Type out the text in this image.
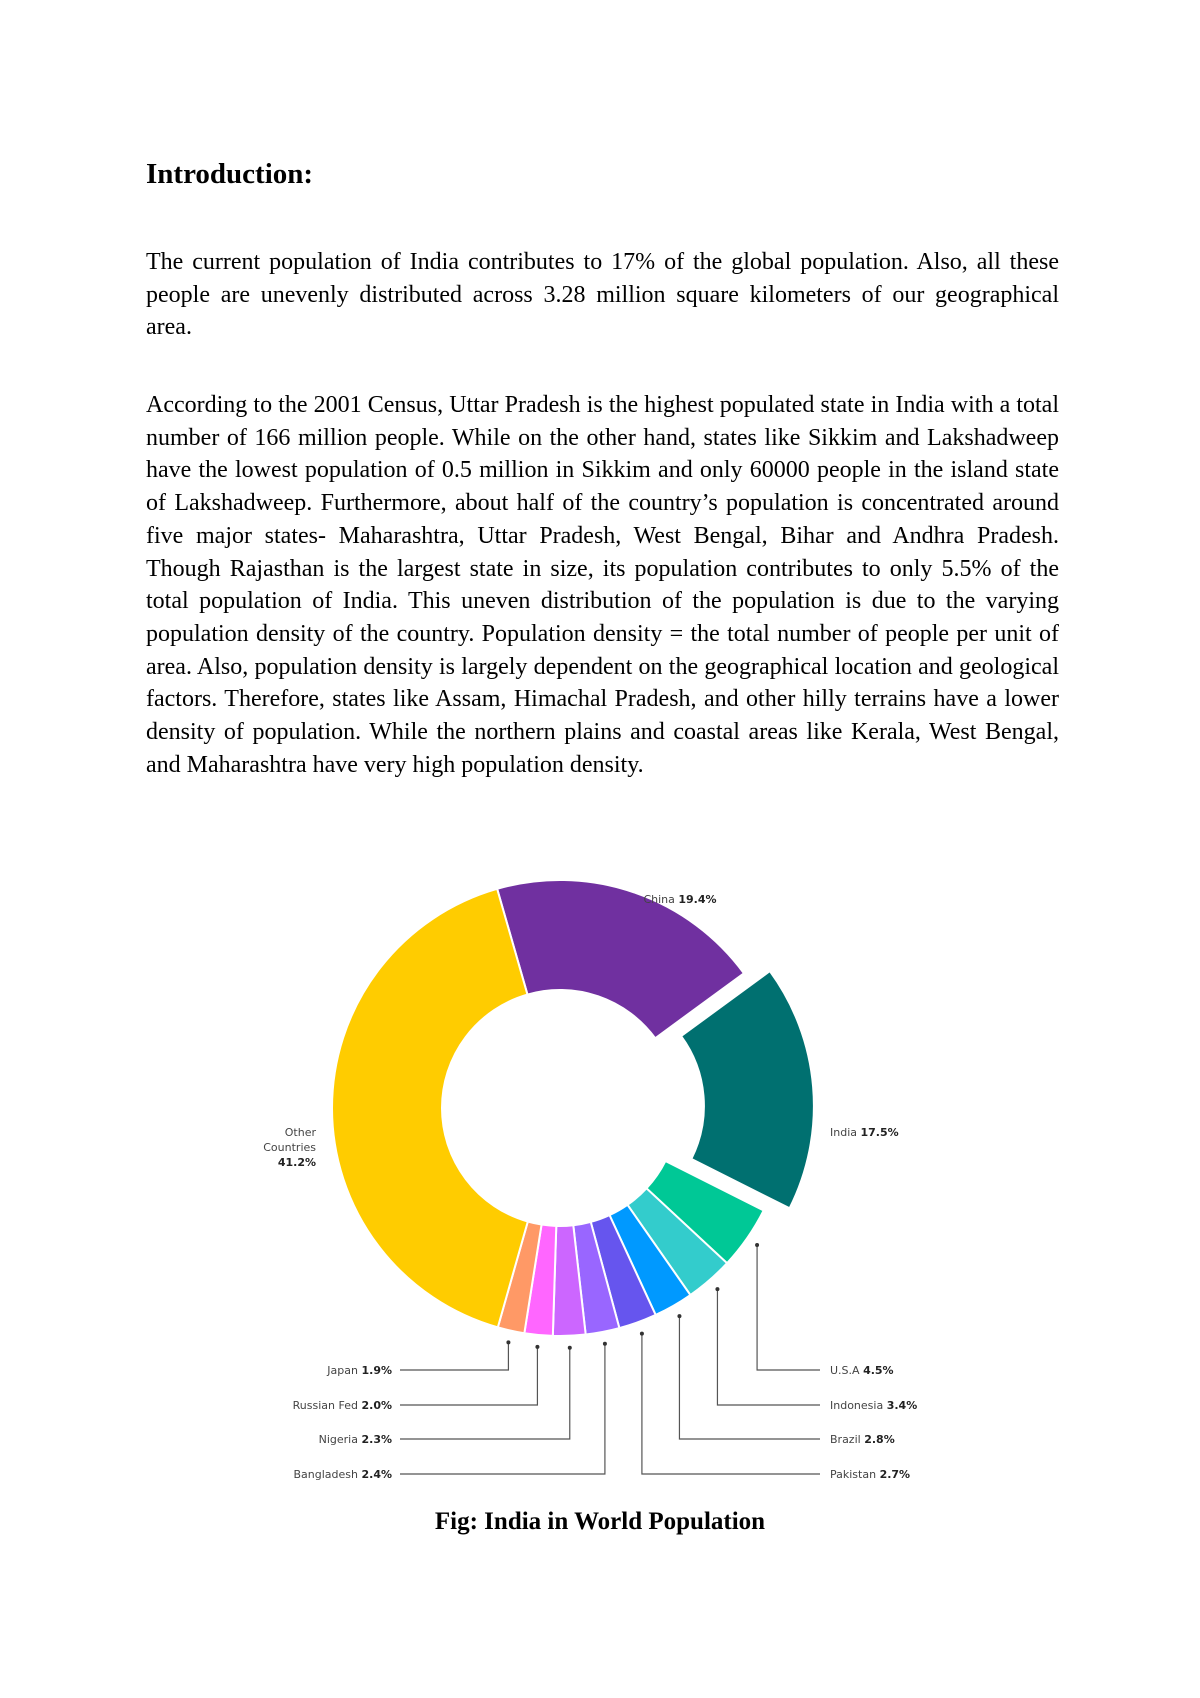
Introduction:

The current population of India contributes to 17% of the global population. Also, all these people are unevenly distributed across 3.28 million square kilometers of our geographical area.

According to the 2001 Census, Uttar Pradesh is the highest populated state in India with a total number of 166 million people. While on the other hand, states like Sikkim and Lakshadweep have the lowest population of 0.5 million in Sikkim and only 60000 people in the island state of Lakshadweep. Furthermore, about half of the country’s population is concentrated around five major states- Maharashtra, Uttar Pradesh, West Bengal, Bihar and Andhra Pradesh. Though Rajasthan is the largest state in size, its population contributes to only 5.5% of the total population of India. This uneven distribution of the population is due to the varying population density of the country. Population density = the total number of people per unit of area. Also, population density is largely dependent on the geographical location and geological factors. Therefore, states like Assam, Himachal Pradesh, and other hilly terrains have a lower density of population. While the northern plains and coastal areas like Kerala, West Bengal, and Maharashtra have very high population density.

China 19.4%
India 17.5%
U.S.A 4.5%
Indonesia 3.4%
Brazil 2.8%
Pakistan 2.7%
Bangladesh 2.4%
Nigeria 2.3%
Russian Fed 2.0%
Japan 1.9%
Other Countries 41.2%

Fig: India in World Population
